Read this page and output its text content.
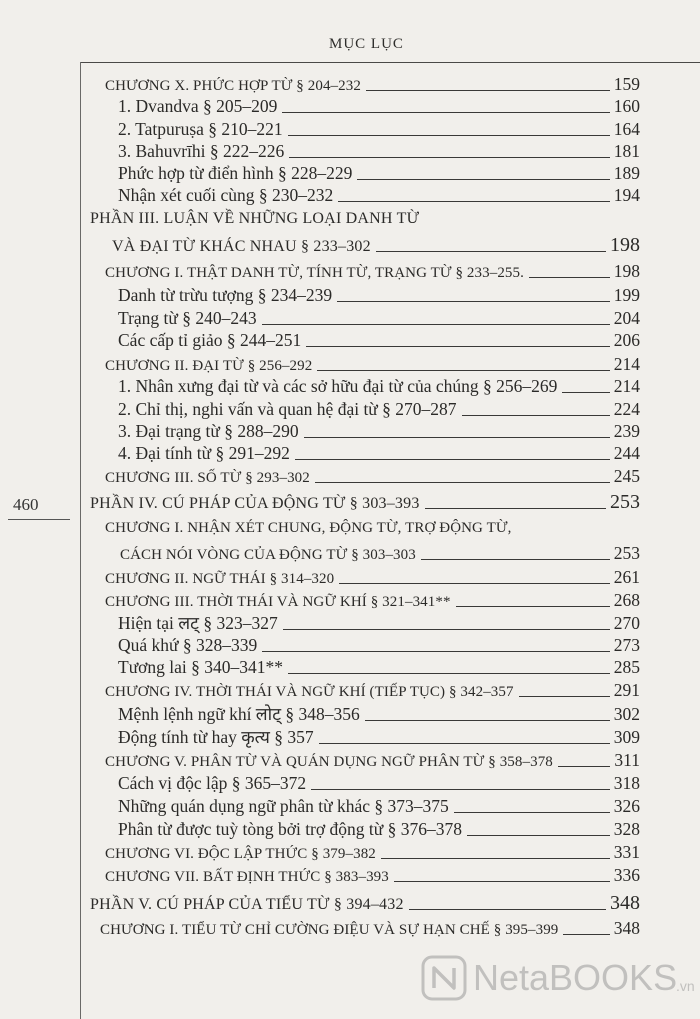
MỤC LỤC
460
CHƯƠNG X. PHỨC HỢP TỪ § 204–232	159
1. Dvandva § 205–209	160
2. Tatpuruṣa § 210–221	164
3. Bahuvrīhi § 222–226	181
Phức hợp từ điển hình § 228–229	189
Nhận xét cuối cùng § 230–232	194
PHẦN III. LUẬN VỀ NHỮNG LOẠI DANH TỪ
VÀ ĐẠI TỪ KHÁC NHAU § 233–302	198
CHƯƠNG I. THẬT DANH TỪ, TÍNH TỪ, TRẠNG TỪ § 233–255.	198
Danh từ trừu tượng § 234–239	199
Trạng từ § 240–243	204
Các cấp tỉ giảo § 244–251	206
CHƯƠNG II. ĐẠI TỪ § 256–292	214
1. Nhân xưng đại từ và các sở hữu đại từ của chúng § 256–269	214
2. Chỉ thị, nghi vấn và quan hệ đại từ § 270–287	224
3. Đại trạng từ § 288–290	239
4. Đại tính từ § 291–292	244
CHƯƠNG III. SỐ TỪ § 293–302	245
PHẦN IV. CÚ PHÁP CỦA ĐỘNG TỪ § 303–393	253
CHƯƠNG I. NHẬN XÉT CHUNG, ĐỘNG TỪ, TRỢ ĐỘNG TỪ,
CÁCH NÓI VÒNG CỦA ĐỘNG TỪ § 303–303	253
CHƯƠNG II. NGỮ THÁI § 314–320	261
CHƯƠNG III. THỜI THÁI VÀ NGỮ KHÍ § 321–341**	268
Hiện tại लट् § 323–327	270
Quá khứ § 328–339	273
Tương lai § 340–341**	285
CHƯƠNG IV. THỜI THÁI VÀ NGỮ KHÍ (TIẾP TỤC) § 342–357	291
Mệnh lệnh ngữ khí लोट् § 348–356	302
Động tính từ hay कृत्य § 357	309
CHƯƠNG V. PHÂN TỪ VÀ QUÁN DỤNG NGỮ PHÂN TỪ § 358–378	311
Cách vị độc lập § 365–372	318
Những quán dụng ngữ phân từ khác § 373–375	326
Phân từ được tuỳ tòng bởi trợ động từ § 376–378	328
CHƯƠNG VI. ĐỘC LẬP THỨC § 379–382	331
CHƯƠNG VII. BẤT ĐỊNH THỨC § 383–393	336
PHẦN V. CÚ PHÁP CỦA TIỂU TỪ § 394–432	348
CHƯƠNG I. TIỂU TỪ CHỈ CƯỜNG ĐIỆU VÀ SỰ HẠN CHẾ § 395–399	348
NetaBOOKS
.vn
